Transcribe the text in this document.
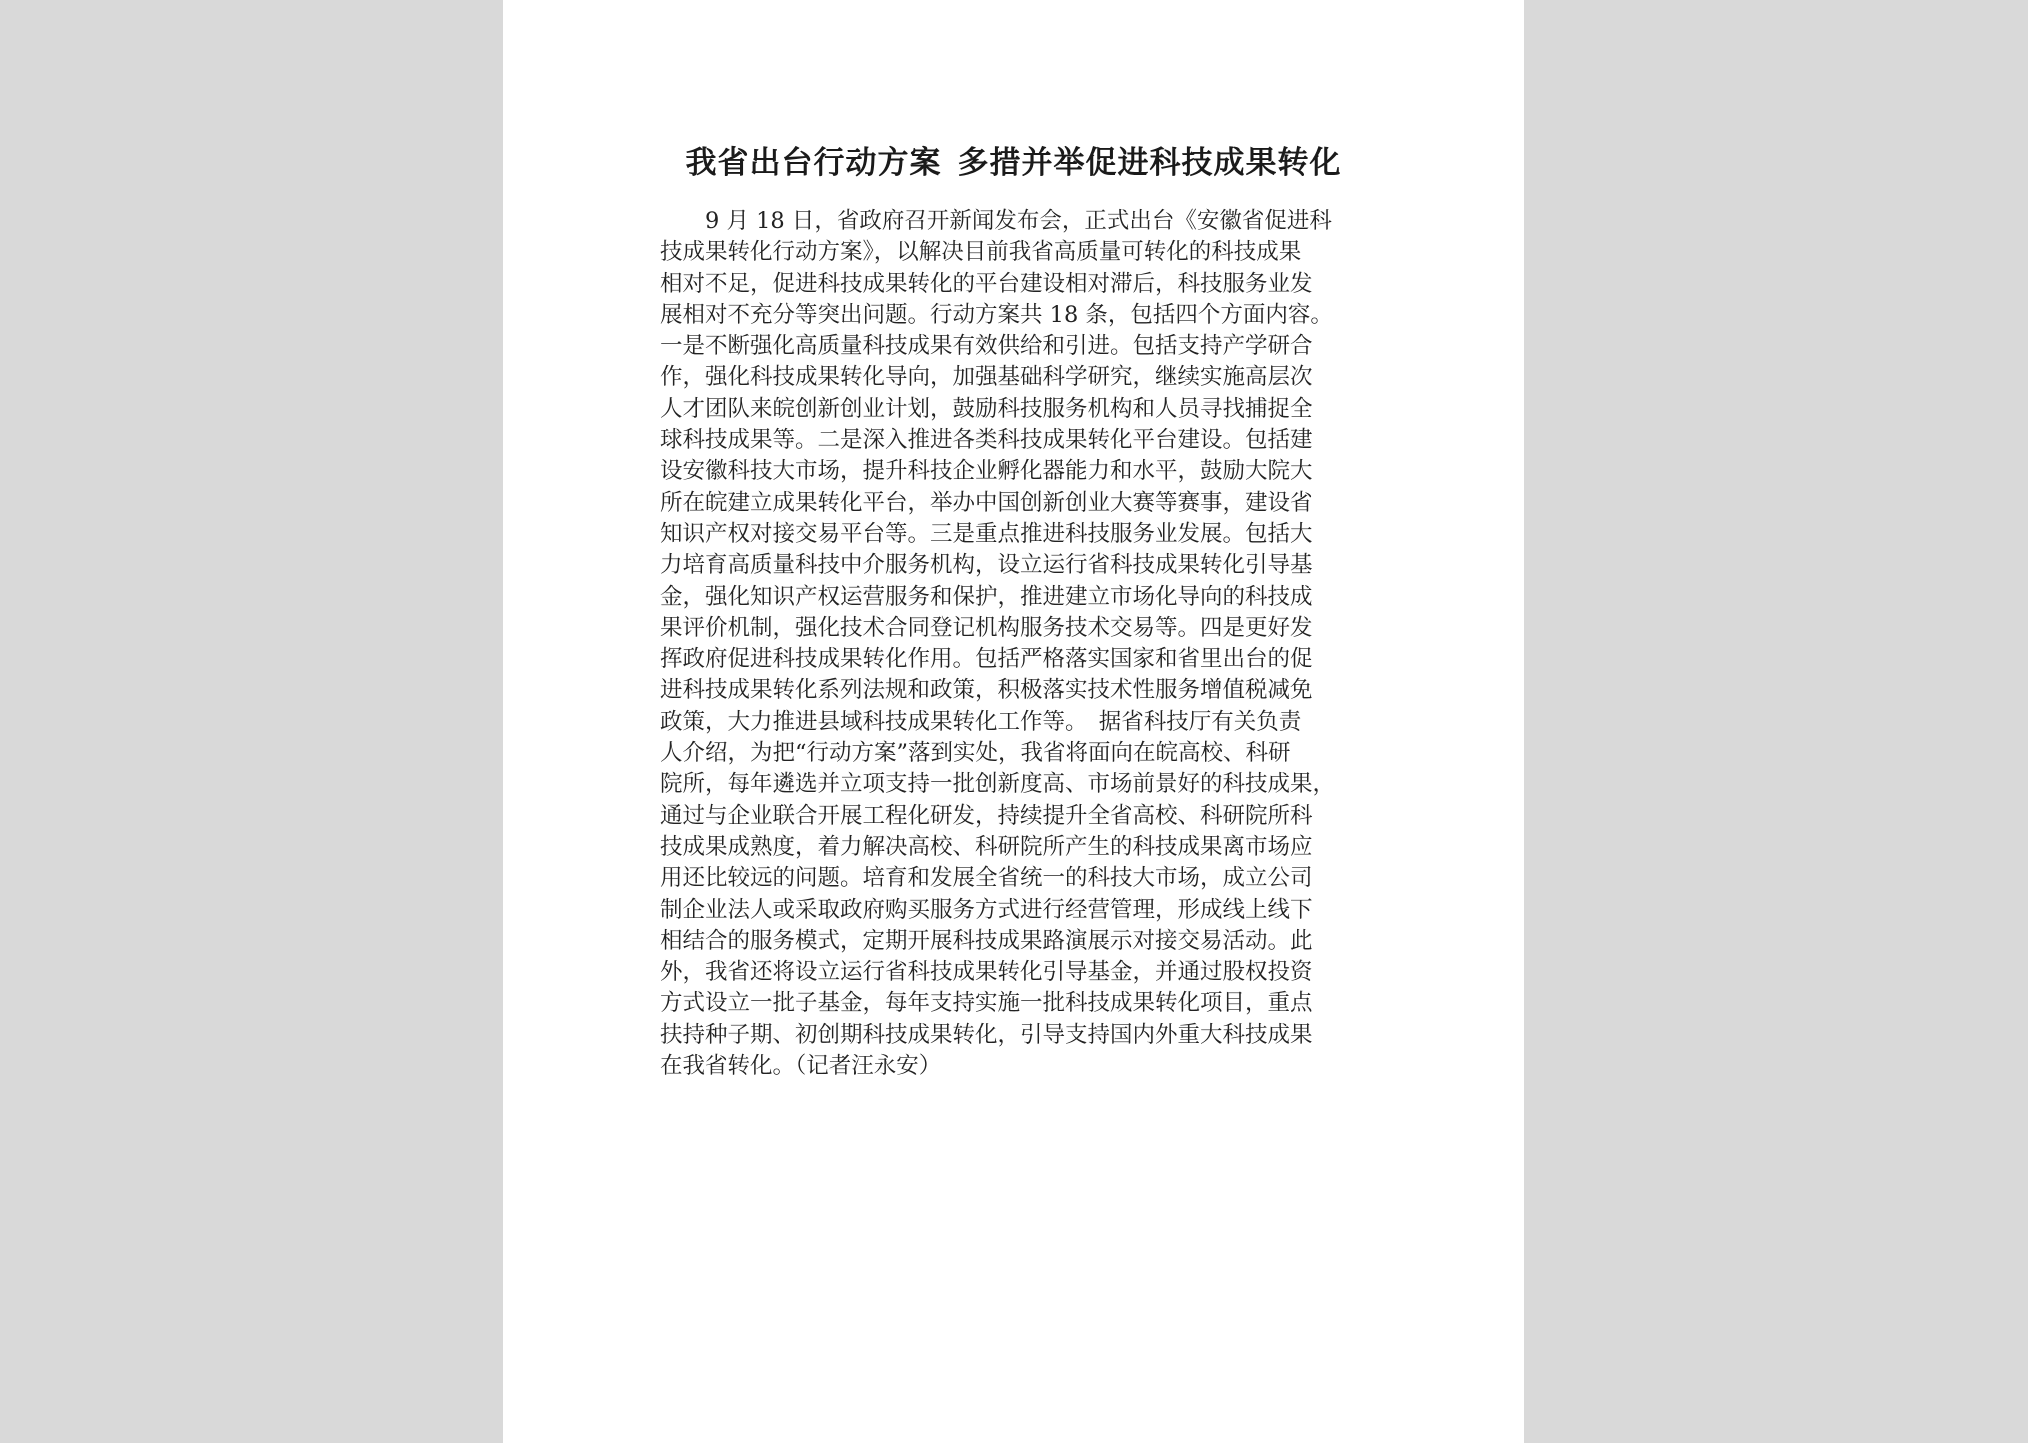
我省出台行动方案 多措并举促进科技成果转化
9 月 18 日，省政府召开新闻发布会，正式出台《安徽省促进科
技成果转化行动方案》，以解决目前我省高质量可转化的科技成果
相对不足，促进科技成果转化的平台建设相对滞后，科技服务业发
展相对不充分等突出问题。行动方案共 18 条，包括四个方面内容。
一是不断强化高质量科技成果有效供给和引进。包括支持产学研合
作，强化科技成果转化导向，加强基础科学研究，继续实施高层次
人才团队来皖创新创业计划，鼓励科技服务机构和人员寻找捕捉全
球科技成果等。二是深入推进各类科技成果转化平台建设。包括建
设安徽科技大市场，提升科技企业孵化器能力和水平，鼓励大院大
所在皖建立成果转化平台，举办中国创新创业大赛等赛事，建设省
知识产权对接交易平台等。三是重点推进科技服务业发展。包括大
力培育高质量科技中介服务机构，设立运行省科技成果转化引导基
金，强化知识产权运营服务和保护，推进建立市场化导向的科技成
果评价机制，强化技术合同登记机构服务技术交易等。四是更好发
挥政府促进科技成果转化作用。包括严格落实国家和省里出台的促
进科技成果转化系列法规和政策，积极落实技术性服务增值税减免
政策，大力推进县域科技成果转化工作等。　据省科技厅有关负责
人介绍，为把“行动方案”落到实处，我省将面向在皖高校、科研
院所，每年遴选并立项支持一批创新度高、市场前景好的科技成果，
通过与企业联合开展工程化研发，持续提升全省高校、科研院所科
技成果成熟度，着力解决高校、科研院所产生的科技成果离市场应
用还比较远的问题。培育和发展全省统一的科技大市场，成立公司
制企业法人或采取政府购买服务方式进行经营管理，形成线上线下
相结合的服务模式，定期开展科技成果路演展示对接交易活动。此
外，我省还将设立运行省科技成果转化引导基金，并通过股权投资
方式设立一批子基金，每年支持实施一批科技成果转化项目，重点
扶持种子期、初创期科技成果转化，引导支持国内外重大科技成果
在我省转化。（记者汪永安）
